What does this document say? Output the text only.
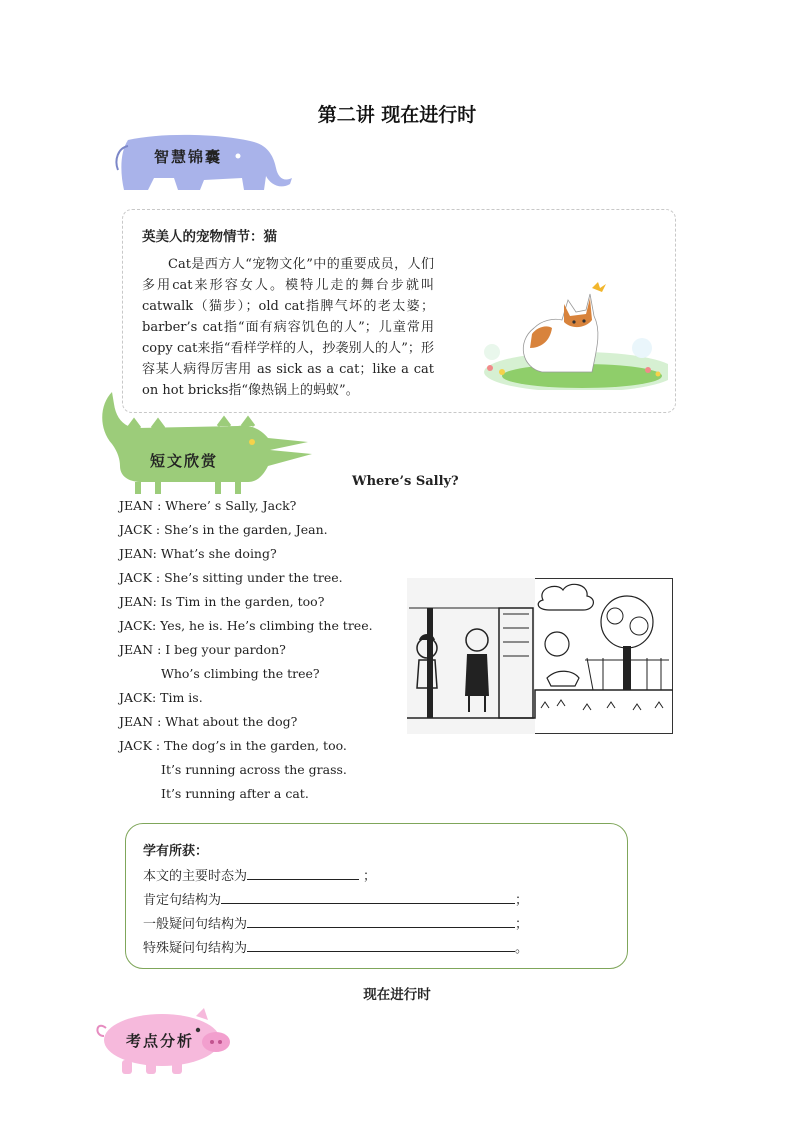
第二讲 现在进行时
智慧锦囊
英美人的宠物情节：猫

Cat是西方人“宠物文化”中的重要成员，人们多用cat来形容女人。模特儿走的舞台步就叫 catwalk（猫步）；old cat指脾气坏的老太婆；barber’s cat指“面有病容饥色的人”；儿童常用 copy cat来指“看样学样的人，抄袭别人的人”；形容某人病得厉害用 as sick as a cat；like a cat on hot bricks指“像热锅上的蚂蚁”。

短文欣赏
Where’s Sally?
JEAN : Where’ s Sally, Jack?
JACK : She’s in the garden, Jean.
JEAN: What’s she doing?
JACK : She’s sitting under the tree.
JEAN: Is Tim in the garden, too?
JACK: Yes, he is. He’s climbing the tree.
JEAN : I beg your pardon?
Who’s climbing the tree?
JACK: Tim is.
JEAN : What about the dog?
JACK : The dog’s in the garden, too.
It’s running across the grass.
It’s running after a cat.
学有所获：
本文的主要时态为	；
肯定句结构为	；
一般疑问句结构为	；
特殊疑问句结构为	。
现在进行时
考点分析
